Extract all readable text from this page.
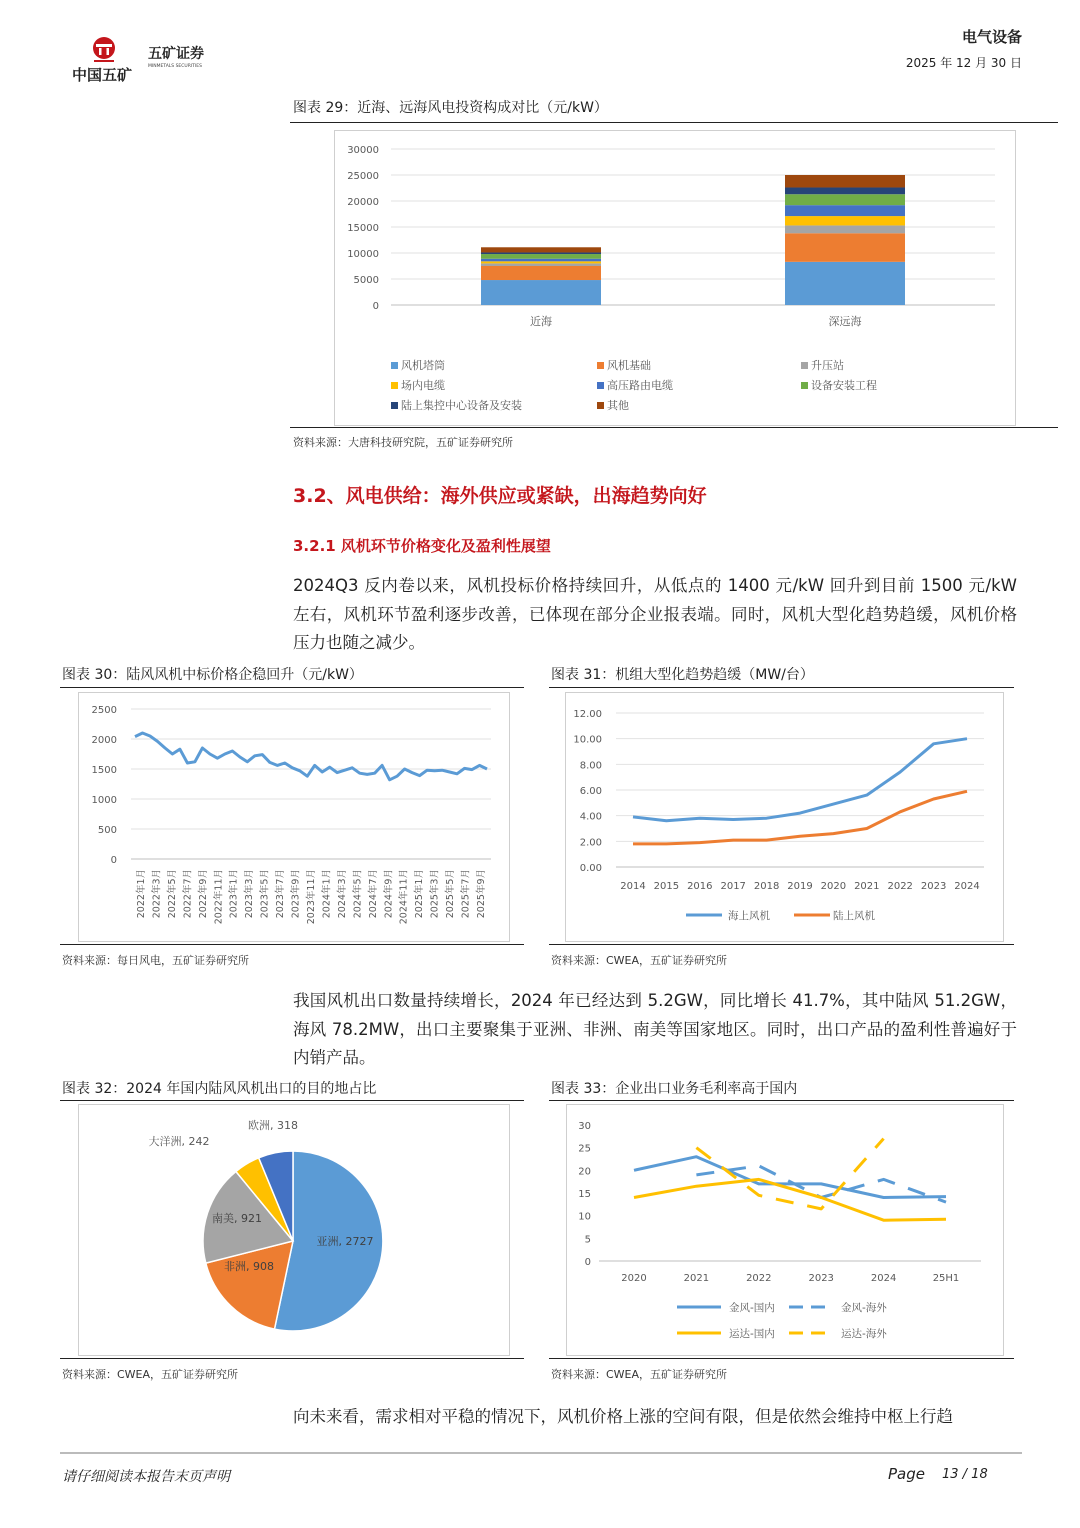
中国五矿
五矿证券
MINMETALS SECURITIES
电气设备
2025 年 12 月 30 日
图表 29：近海、远海风电投资构成对比（元/kW）
0
5000
10000
15000
20000
25000
30000
近海	深远海
风机塔筒	风机基础	升压站
场内电缆	高压路由电缆	设备安装工程
陆上集控中心设备及安装	其他
资料来源：大唐科技研究院，五矿证券研究所
3.2、风电供给：海外供应或紧缺，出海趋势向好
3.2.1 风机环节价格变化及盈利性展望
2024Q3 反内卷以来，风机投标价格持续回升，从低点的 1400 元/kW 回升到目前 1500 元/kW 左右，风机环节盈利逐步改善，已体现在部分企业报表端。同时，风机大型化趋势趋缓，风机价格压力也随之减少。
图表 30：陆风风机中标价格企稳回升（元/kW）
0
500
1000
1500
2000
2500
2022年1月 2022年3月 2022年5月 2022年7月 2022年9月 2022年11月 2023年1月 2023年3月 2023年5月 2023年7月 2023年9月 2023年11月 2024年1月 2024年3月 2024年5月 2024年7月 2024年9月 2024年11月 2025年1月 2025年3月 2025年5月 2025年7月 2025年9月
资料来源：每日风电，五矿证券研究所
图表 31：机组大型化趋势趋缓（MW/台）
0.00
2.00
4.00
6.00
8.00
10.00
12.00
2014 2015 2016 2017 2018 2019 2020 2021 2022 2023 2024
海上风机	陆上风机
资料来源：CWEA，五矿证券研究所
我国风机出口数量持续增长，2024 年已经达到 5.2GW，同比增长 41.7%，其中陆风 51.2GW，海风 78.2MW，出口主要聚集于亚洲、非洲、南美等国家地区。同时，出口产品的盈利性普遍好于内销产品。
图表 32：2024 年国内陆风风机出口的目的地占比
亚洲, 2727
非洲, 908
南美, 921
大洋洲, 242
欧洲, 318
资料来源：CWEA，五矿证券研究所
图表 33：企业出口业务毛利率高于国内
0
5
10
15
20
25
30
2020	2021	2022	2023	2024	25H1
金风-国内	金风-海外
运达-国内	运达-海外
资料来源：CWEA，五矿证券研究所
向未来看，需求相对平稳的情况下，风机价格上涨的空间有限，但是依然会维持中枢上行趋
请仔细阅读本报告末页声明	Page 13 / 18
